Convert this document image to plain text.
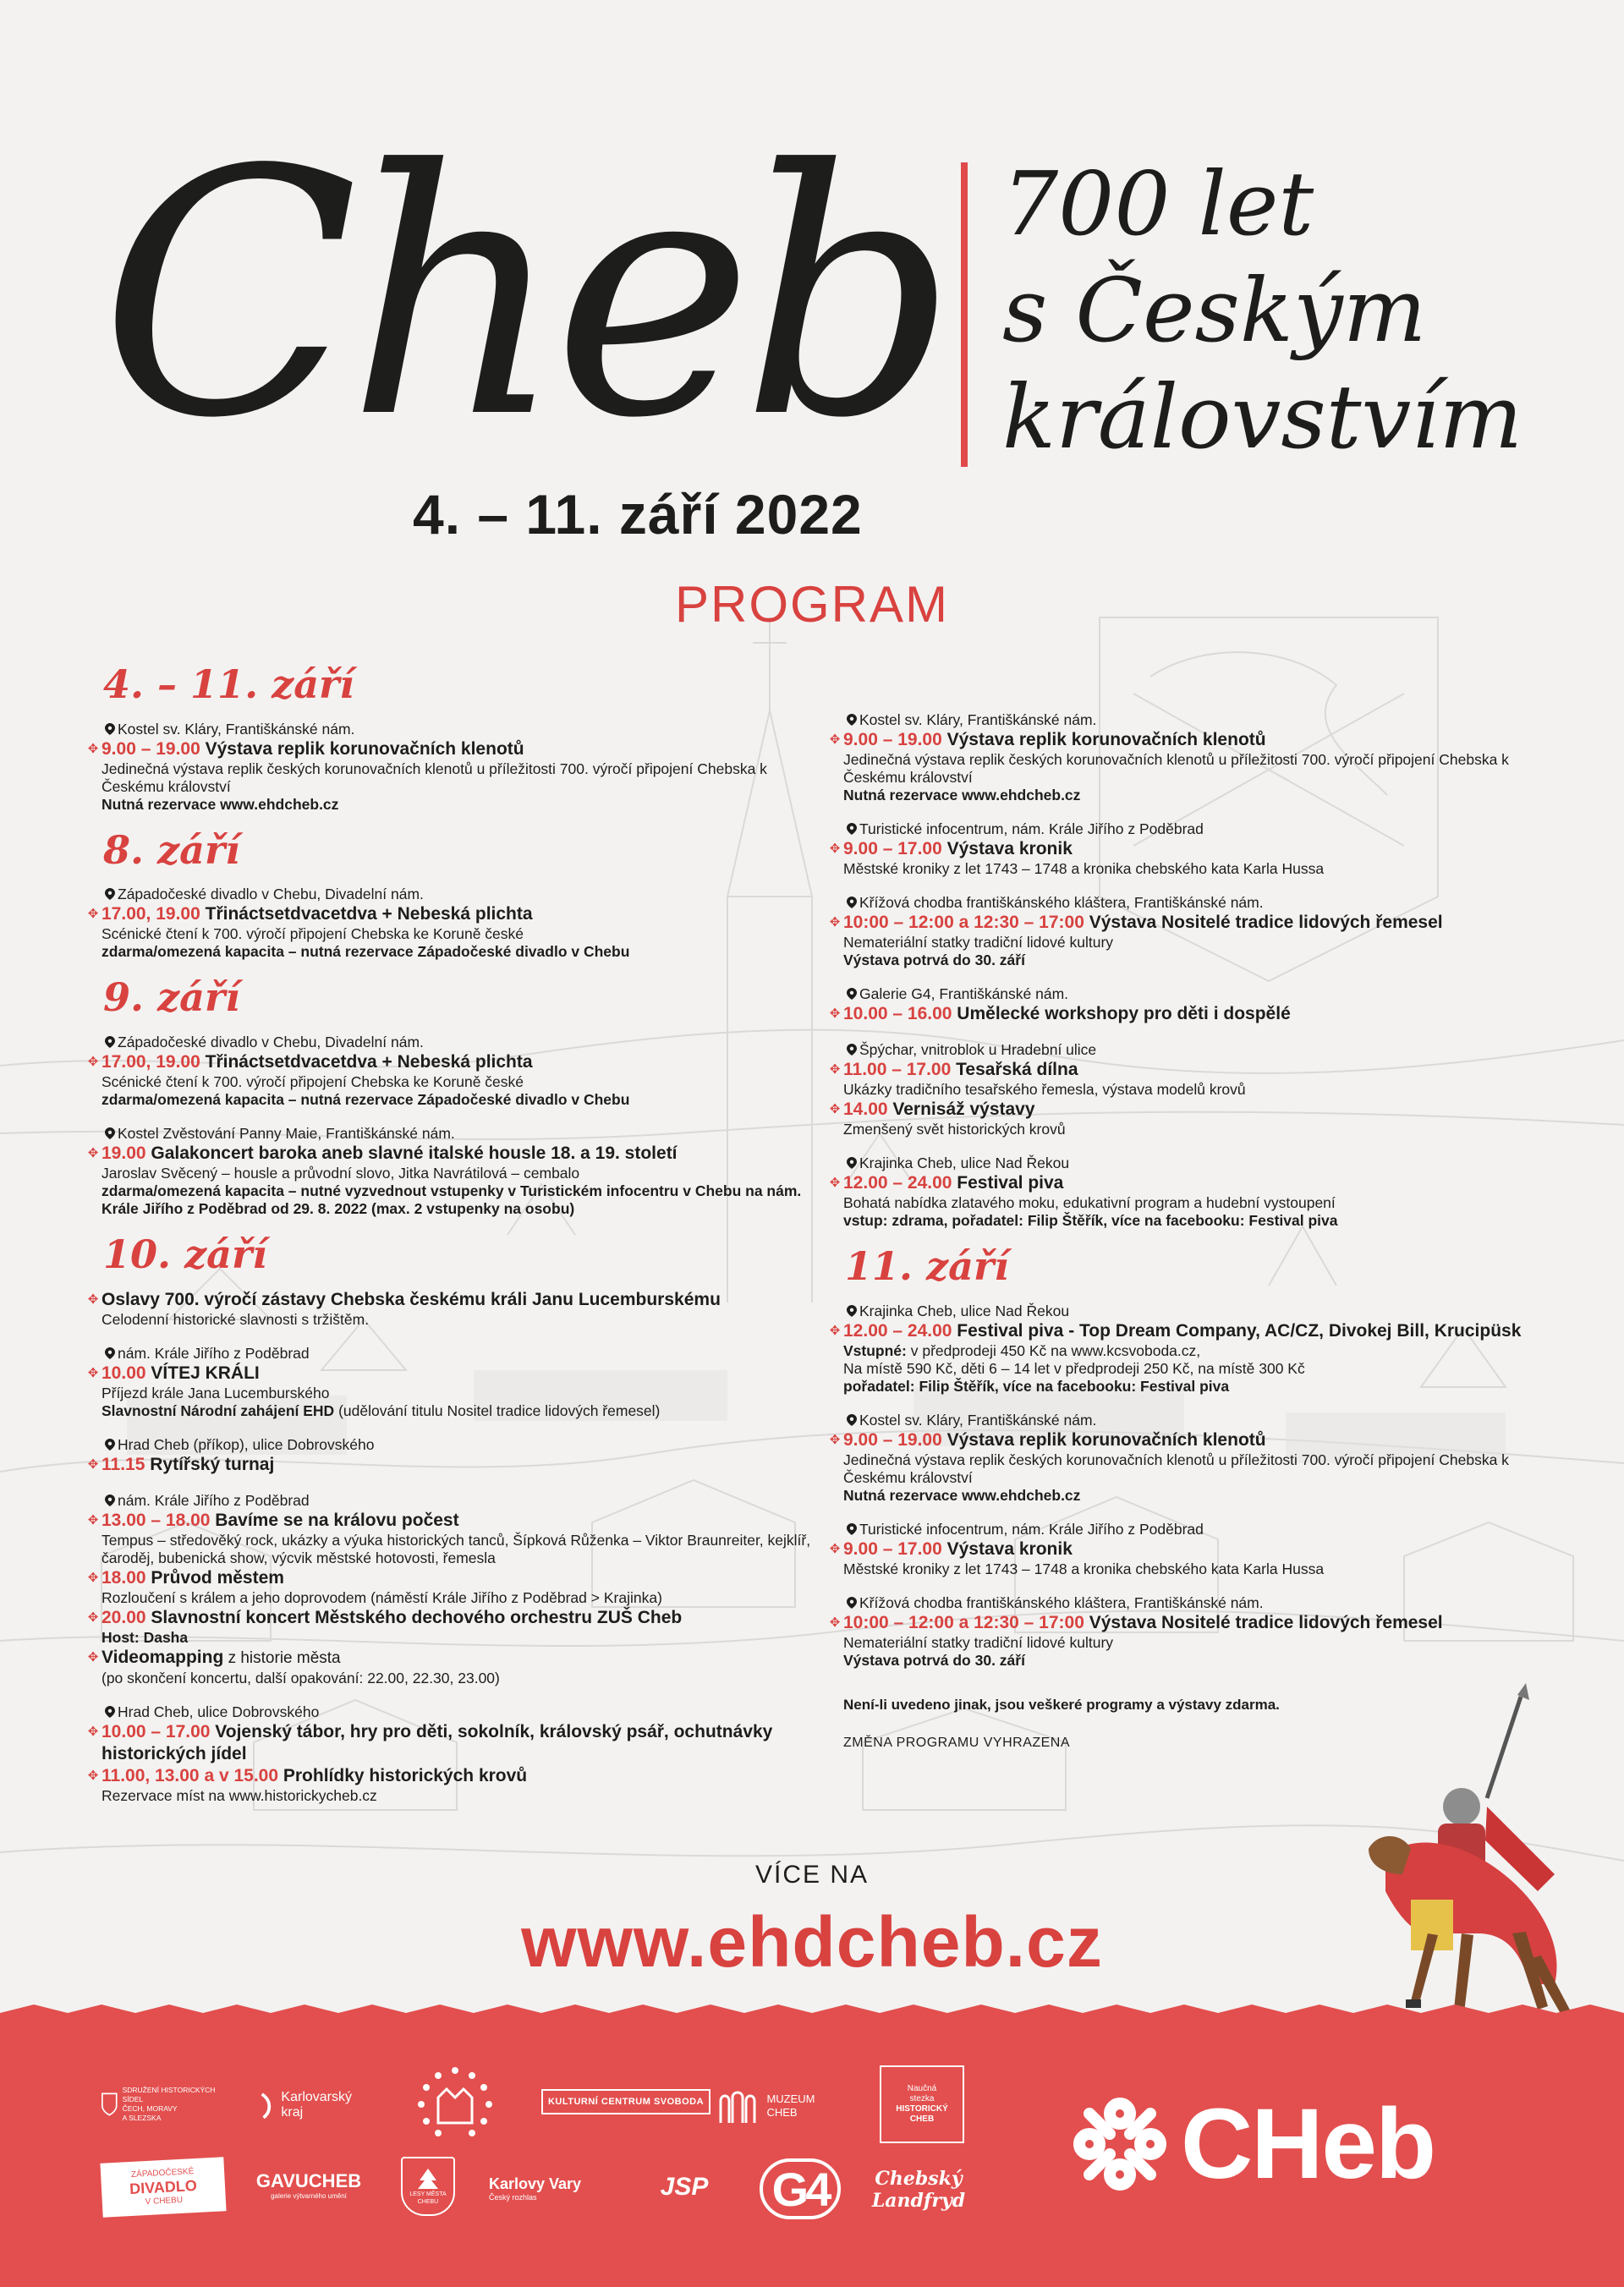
Cheb 700 let
s Českým
královstvím
4. – 11. září 2022
PROGRAM
4. – 11. září
Kostel sv. Kláry, Františkánské nám.
✥ 9.00 – 19.00 Výstava replik korunovačních klenotů
Jedinečná výstava replik českých korunovačních klenotů u příležitosti 700. výročí připojení Chebska k Českému království
Nutná rezervace www.ehdcheb.cz
8. září
Západočeské divadlo v Chebu, Divadelní nám.
✥ 17.00, 19.00 Třináctsetdvacetdva + Nebeská plichta
Scénické čtení k 700. výročí připojení Chebska ke Koruně české
zdarma/omezená kapacita – nutná rezervace Západočeské divadlo v Chebu
9. září
Západočeské divadlo v Chebu, Divadelní nám.
✥ 17.00, 19.00 Třináctsetdvacetdva + Nebeská plichta
Scénické čtení k 700. výročí připojení Chebska ke Koruně české
zdarma/omezená kapacita – nutná rezervace Západočeské divadlo v Chebu
Kostel Zvěstování Panny Maie, Františkánské nám.
✥ 19.00 Galakoncert baroka aneb slavné italské housle 18. a 19. století
Jaroslav Svěcený – housle a průvodní slovo, Jitka Navrátilová – cembalo
zdarma/omezená kapacita – nutné vyzvednout vstupenky v Turistickém infocentru v Chebu na nám. Krále Jiřího z Poděbrad od 29. 8. 2022 (max. 2 vstupenky na osobu)
10. září
✥ Oslavy 700. výročí zástavy Chebska českému králi Janu Lucemburskému
Celodenní historické slavnosti s tržištěm.
nám. Krále Jiřího z Poděbrad
✥ 10.00 VÍTEJ KRÁLI
Příjezd krále Jana Lucemburského
Slavnostní Národní zahájení EHD (udělování titulu Nositel tradice lidových řemesel)
Hrad Cheb (příkop), ulice Dobrovského
✥ 11.15 Rytířský turnaj
nám. Krále Jiřího z Poděbrad
✥ 13.00 – 18.00 Bavíme se na královu počest
Tempus – středověký rock, ukázky a výuka historických tanců, Šípková Růženka – Viktor Braunreiter, kejklíř, čaroděj, bubenická show, výcvik městské hotovosti, řemesla
✥ 18.00 Průvod městem
Rozloučení s králem a jeho doprovodem (náměstí Krále Jiřího z Poděbrad > Krajinka)
✥ 20.00 Slavnostní koncert Městského dechového orchestru ZUŠ Cheb
Host: Dasha
✥ Videomapping z historie města
(po skončení koncertu, další opakování: 22.00, 22.30, 23.00)
Hrad Cheb, ulice Dobrovského
✥ 10.00 – 17.00 Vojenský tábor, hry pro děti, sokolník, královský psář, ochutnávky historických jídel
✥ 11.00, 13.00 a v 15.00 Prohlídky historických krovů
Rezervace míst na www.historickycheb.cz
Kostel sv. Kláry, Františkánské nám.
✥ 9.00 – 19.00 Výstava replik korunovačních klenotů
Jedinečná výstava replik českých korunovačních klenotů u příležitosti 700. výročí připojení Chebska k Českému království
Nutná rezervace www.ehdcheb.cz
Turistické infocentrum, nám. Krále Jiřího z Poděbrad
✥ 9.00 – 17.00 Výstava kronik
Městské kroniky z let 1743 – 1748 a kronika chebského kata Karla Hussa
Křížová chodba františkánského kláštera, Františkánské nám.
✥ 10:00 – 12:00 a 12:30 – 17:00 Výstava Nositelé tradice lidových řemesel
Nemateriální statky tradiční lidové kultury
Výstava potrvá do 30. září
Galerie G4, Františkánské nám.
✥ 10.00 – 16.00 Umělecké workshopy pro děti i dospělé
Špýchar, vnitroblok u Hradební ulice
✥ 11.00 – 17.00 Tesařská dílna
Ukázky tradičního tesařského řemesla, výstava modelů krovů
✥ 14.00 Vernisáž výstavy
Zmenšený svět historických krovů
Krajinka Cheb, ulice Nad Řekou
✥ 12.00 – 24.00 Festival piva
Bohatá nabídka zlatavého moku, edukativní program a hudební vystoupení
vstup: zdrama, pořadatel: Filip Štěřík, více na facebooku: Festival piva
11. září
Krajinka Cheb, ulice Nad Řekou
✥ 12.00 – 24.00 Festival piva - Top Dream Company, AC/CZ, Divokej Bill, Krucipüsk
Vstupné: v předprodeji 450 Kč na www.kcsvoboda.cz,
Na místě 590 Kč, děti 6 – 14 let v předprodeji 250 Kč, na místě 300 Kč
pořadatel: Filip Štěřík, více na facebooku: Festival piva
Kostel sv. Kláry, Františkánské nám.
✥ 9.00 – 19.00 Výstava replik korunovačních klenotů
Jedinečná výstava replik českých korunovačních klenotů u příležitosti 700. výročí připojení Chebska k Českému království
Nutná rezervace www.ehdcheb.cz
Turistické infocentrum, nám. Krále Jiřího z Poděbrad
✥ 9.00 – 17.00 Výstava kronik
Městské kroniky z let 1743 – 1748 a kronika chebského kata Karla Hussa
Křížová chodba františkánského kláštera, Františkánské nám.
✥ 10:00 – 12:00 a 12:30 – 17:00 Výstava Nositelé tradice lidových řemesel
Nemateriální statky tradiční lidové kultury
Výstava potrvá do 30. září
Není-li uvedeno jinak, jsou veškeré programy a výstavy zdarma.
ZMĚNA PROGRAMU VYHRAZENA
VÍCE NA
www.ehdcheb.cz
SDRUŽENÍ HISTORICKÝCH SÍDEL
ČECH, MORAVY
A SLEZSKA
Karlovarský
kraj
KULTURNÍ CENTRUM SVOBODA	MUZEUM
CHEB
Naučná
stezka
HISTORICKÝ
CHEB
ZÁPADOČESKÉ
DIVADLO
V CHEBU
GAVUCHEB
galerie výtvarného umění	LESY MĚSTA
CHEBU
Karlovy Vary
Český rozhlas	JSP G4	Chebský
Landfryd
CHeb
